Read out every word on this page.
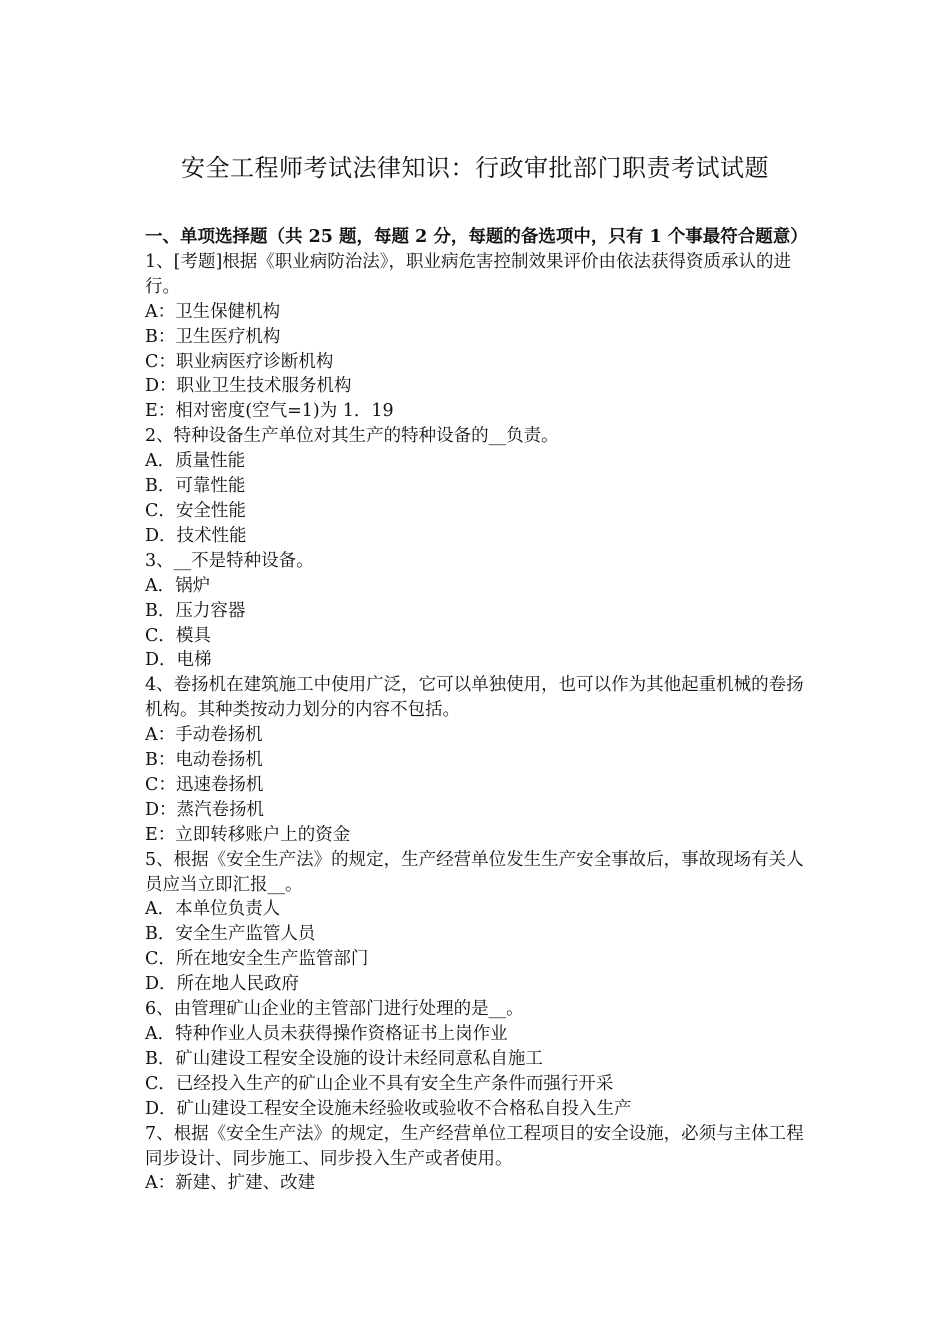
安全工程师考试法律知识：行政审批部门职责考试试题

一、单项选择题（共 25 题，每题 2 分，每题的备选项中，只有 1 个事最符合题意）

1、[考题]根据《职业病防治法》，职业病危害控制效果评价由依法获得资质承认的进行。

A：卫生保健机构

B：卫生医疗机构

C：职业病医疗诊断机构

D：职业卫生技术服务机构

E：相对密度(空气=1)为 1．19

2、特种设备生产单位对其生产的特种设备的__负责。

A．质量性能

B．可靠性能

C．安全性能

D．技术性能

3、__不是特种设备。

A．锅炉

B．压力容器

C．模具

D．电梯

4、卷扬机在建筑施工中使用广泛，它可以单独使用，也可以作为其他起重机械的卷扬机构。其种类按动力划分的内容不包括。

A：手动卷扬机

B：电动卷扬机

C：迅速卷扬机

D：蒸汽卷扬机

E：立即转移账户上的资金

5、根据《安全生产法》的规定，生产经营单位发生生产安全事故后，事故现场有关人员应当立即汇报__。

A．本单位负责人

B．安全生产监管人员

C．所在地安全生产监管部门

D．所在地人民政府

6、由管理矿山企业的主管部门进行处理的是__。

A．特种作业人员未获得操作资格证书上岗作业

B．矿山建设工程安全设施的设计未经同意私自施工

C．已经投入生产的矿山企业不具有安全生产条件而强行开采

D．矿山建设工程安全设施未经验收或验收不合格私自投入生产

7、根据《安全生产法》的规定，生产经营单位工程项目的安全设施，必须与主体工程同步设计、同步施工、同步投入生产或者使用。

A：新建、扩建、改建
